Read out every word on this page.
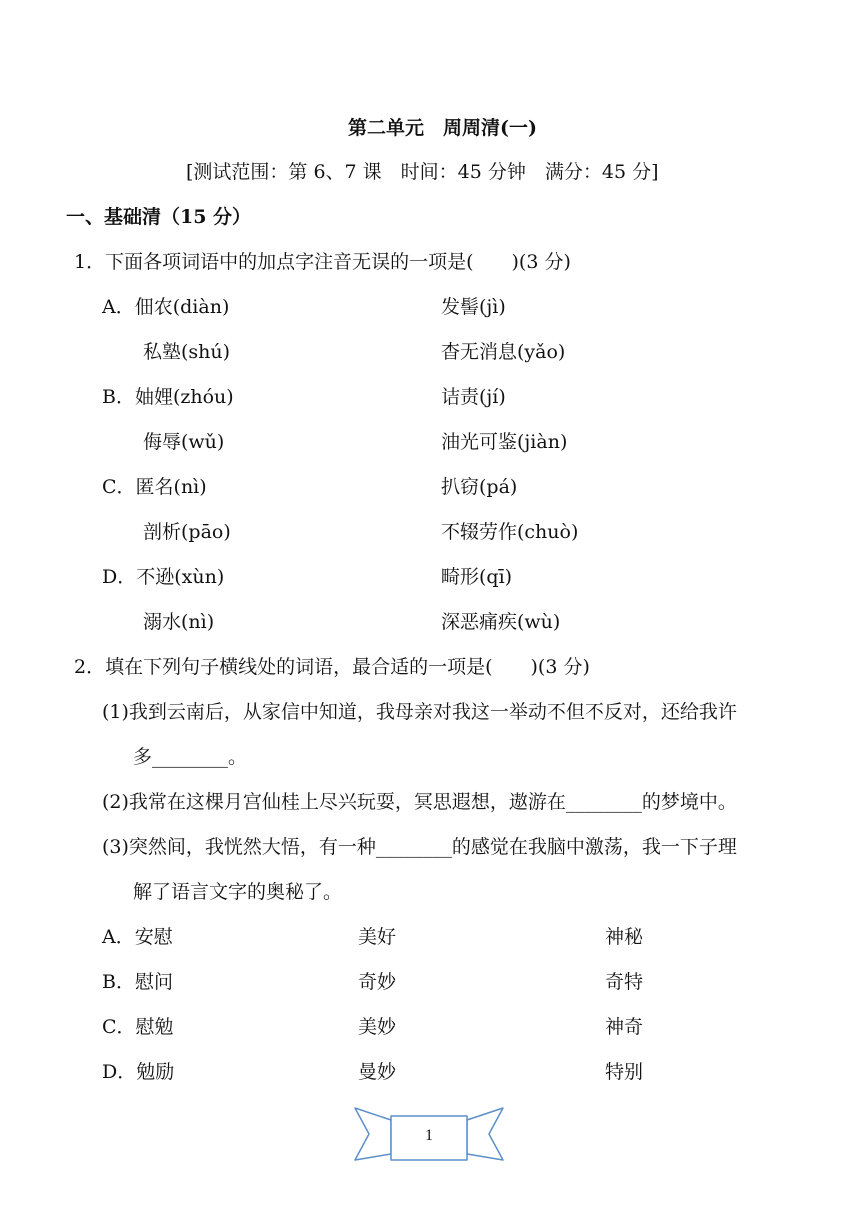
第二单元　周周清(一)
[测试范围：第 6、7 课　时间：45 分钟　满分：45 分]
一、基础清（15 分）
1．下面各项词语中的加点字注音无误的一项是(　　)(3 分)
A．佃农(diàn)	发髻(jì)
私塾(shú)	杳无消息(yǎo)
B．妯娌(zhóu)	诘责(jí)
侮辱(wǔ)	油光可鉴(jiàn)
C．匿名(nì)	扒窃(pá)
剖析(pāo)	不辍劳作(chuò)
D．不逊(xùn)	畸形(qī)
溺水(nì)	深恶痛疾(wù)
2．填在下列句子横线处的词语，最合适的一项是(　　)(3 分)
(1)我到云南后，从家信中知道，我母亲对我这一举动不但不反对，还给我许
多________。
(2)我常在这棵月宫仙桂上尽兴玩耍，冥思遐想，遨游在________的梦境中。
(3)突然间，我恍然大悟，有一种________的感觉在我脑中激荡，我一下子理
解了语言文字的奥秘了。
A．安慰	美好	神秘
B．慰问	奇妙	奇特
C．慰勉	美妙	神奇
D．勉励	曼妙	特别
1
